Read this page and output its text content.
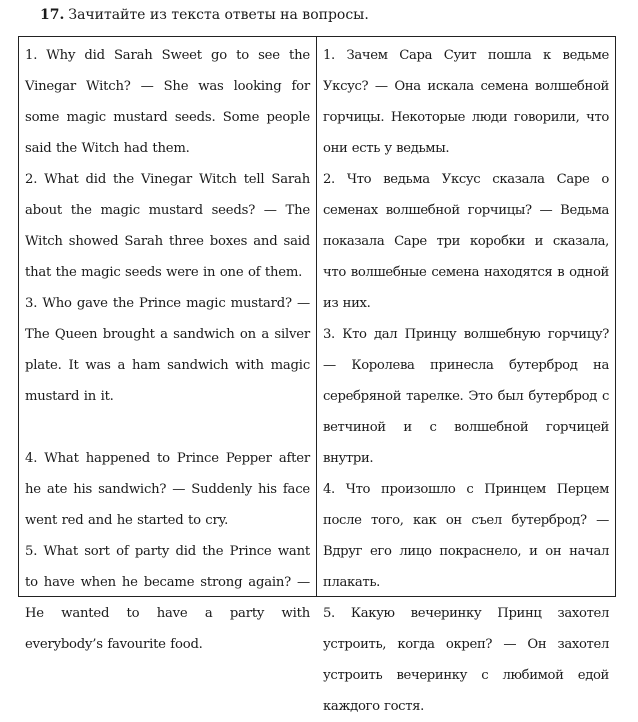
17. Зачитайте из текста ответы на вопросы.
1. Why did Sarah Sweet go to see the Vinegar Witch? — She was looking for some magic mustard seeds. Some people said the Witch had them.
2. What did the Vinegar Witch tell Sarah about the magic mustard seeds? — The Witch showed Sarah three boxes and said that the magic seeds were in one of them.
3. Who gave the Prince magic mustard? — The Queen brought a sandwich on a silver plate. It was a ham sandwich with magic mustard in it.
4. What happened to Prince Pepper after he ate his sandwich? — Suddenly his face went red and he started to cry.
5. What sort of party did the Prince want to have when he became strong again? — He wanted to have a party with everybody’s favourite food.
1. Зачем Сара Суит пошла к ведьме Уксус? — Она искала семена волшебной горчицы. Некоторые люди говорили, что они есть у ведьмы.
2. Что ведьма Уксус сказала Саре о семенах волшебной горчицы? — Ведьма показала Саре три коробки и сказала, что волшебные семена находятся в одной из них.
3. Кто дал Принцу волшебную горчицу? — Королева принесла бутерброд на серебряной тарелке. Это был бутерброд с ветчиной и с волшебной горчицей внутри.
4. Что произошло с Принцем Перцем после того, как он съел бутерброд? — Вдруг его лицо покраснело, и он начал плакать.
5. Какую вечеринку Принц захотел устроить, когда окреп? — Он захотел устроить вечеринку с любимой едой каждого гостя.
